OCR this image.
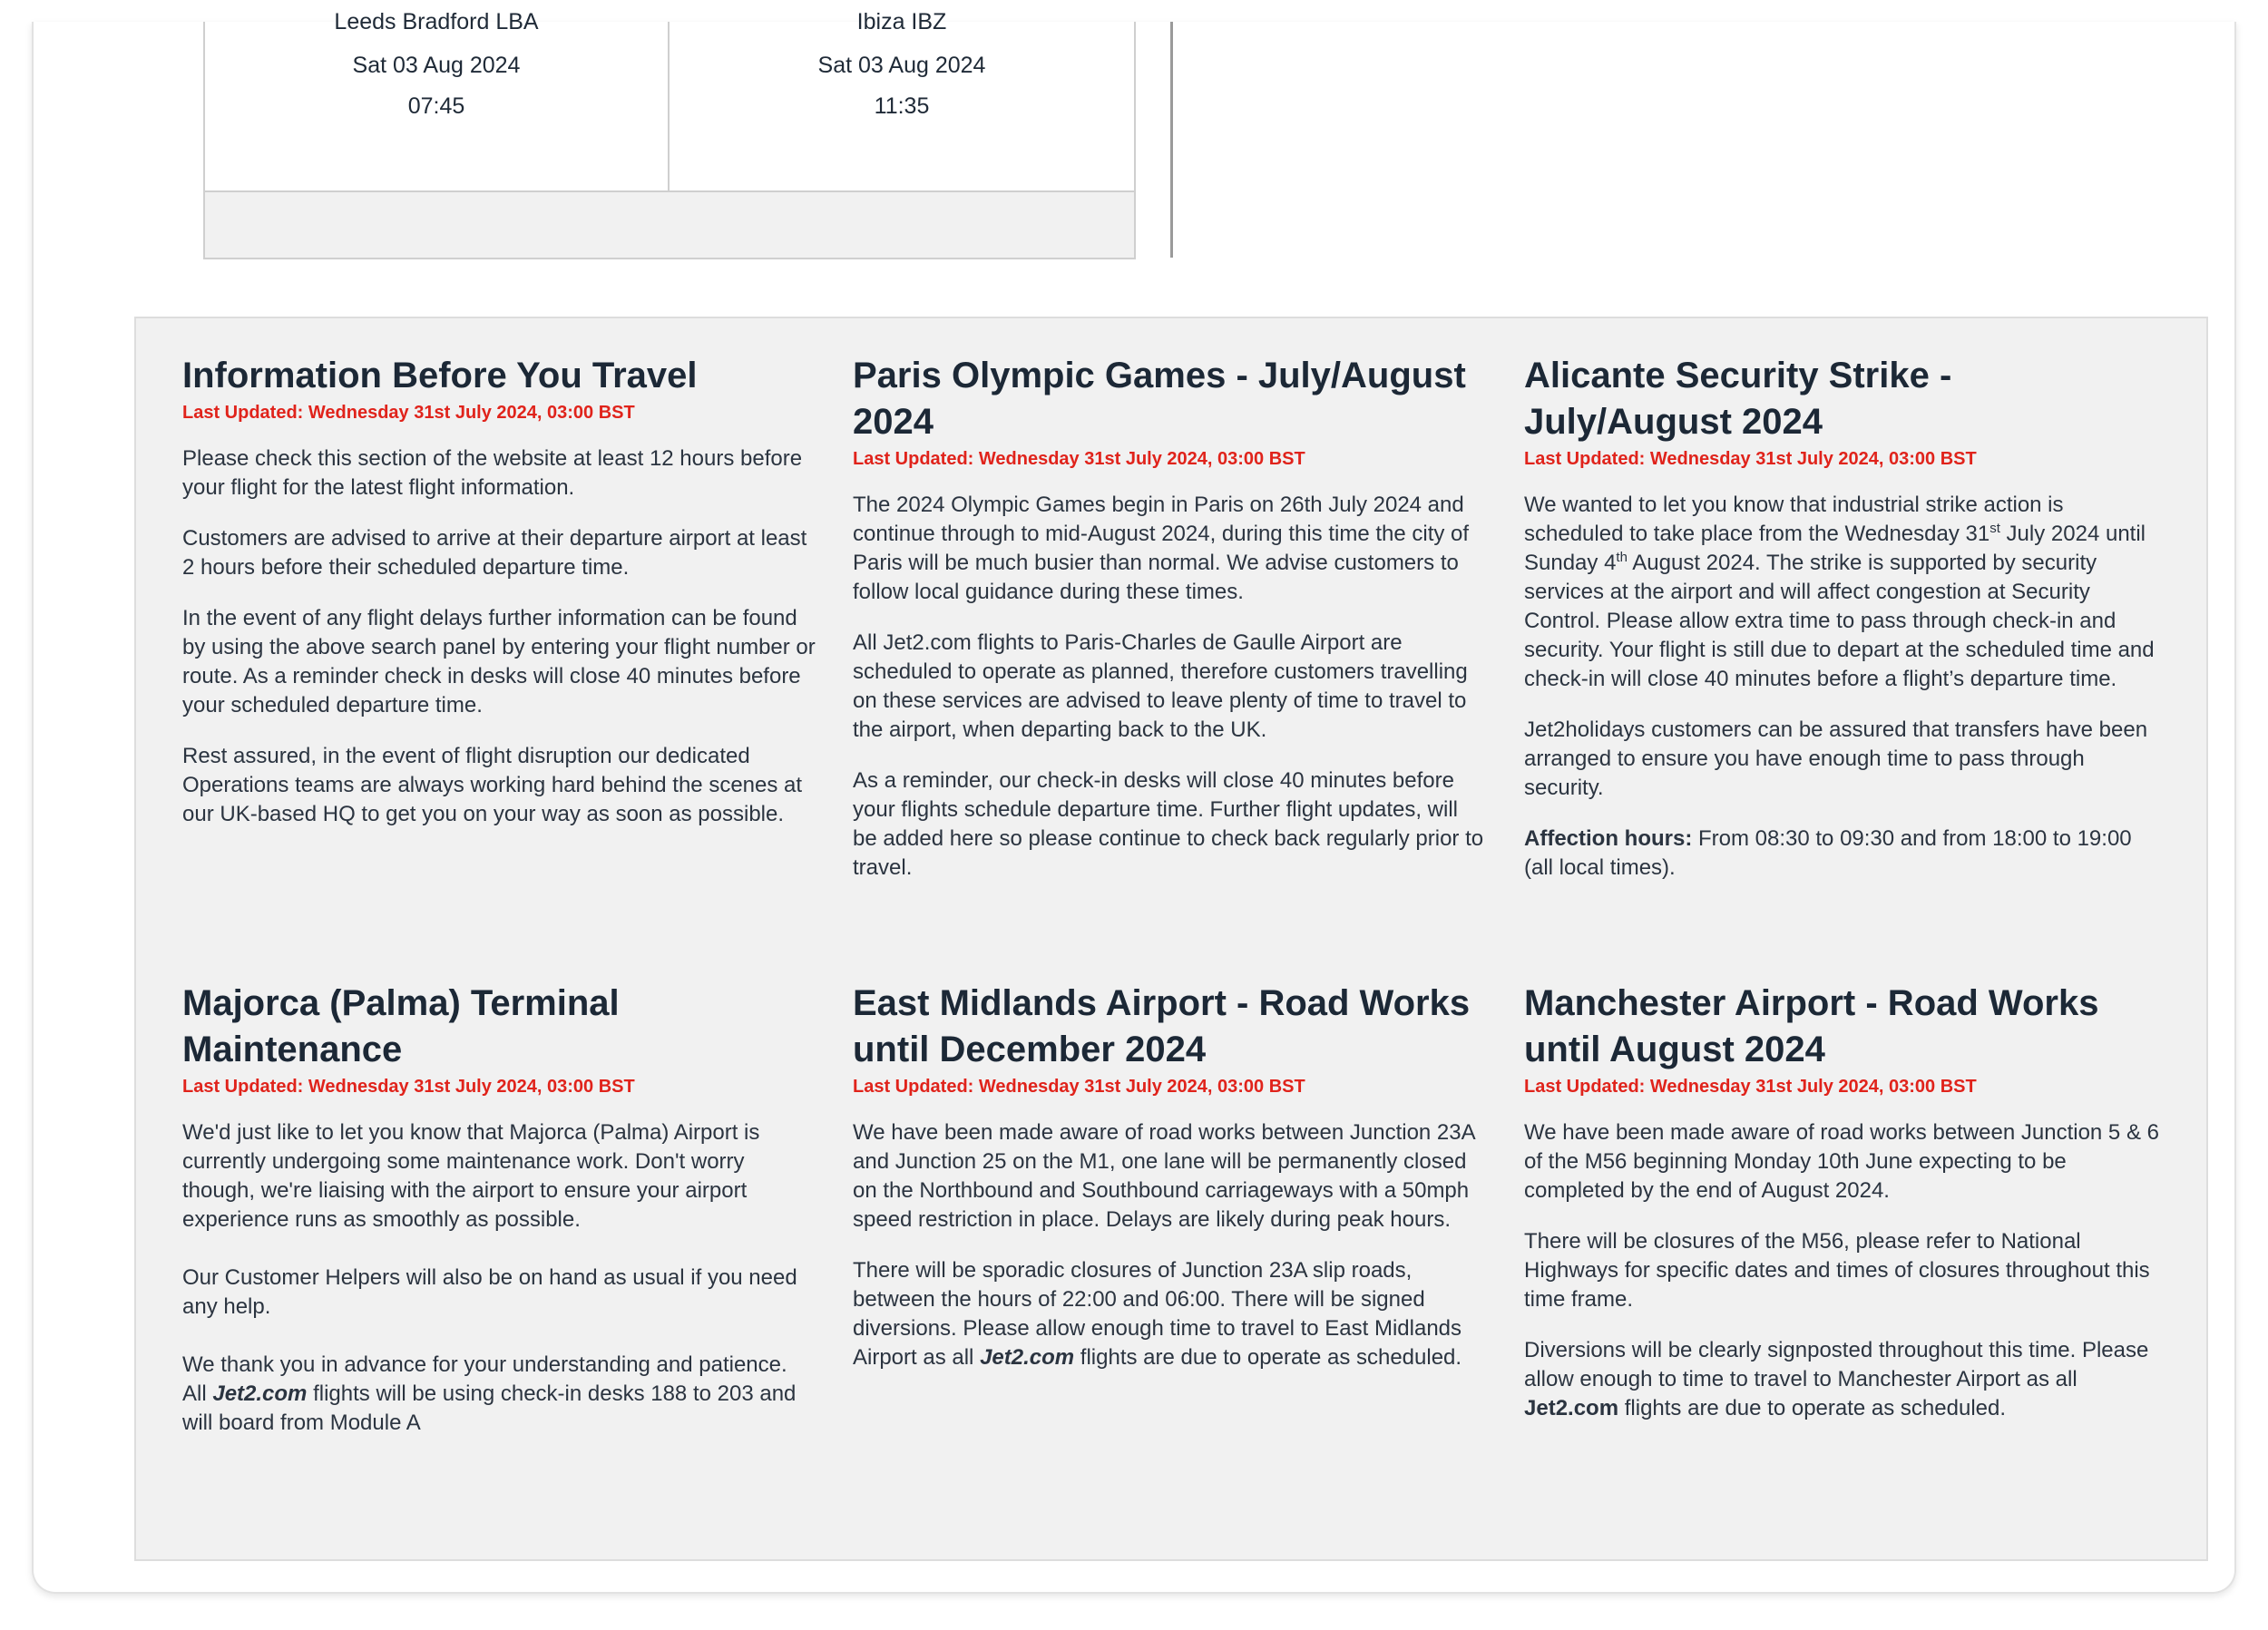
Leeds Bradford LBA
Sat 03 Aug 2024
07:45
Ibiza IBZ
Sat 03 Aug 2024
11:35
Information Before You Travel
Last Updated: Wednesday 31st July 2024, 03:00 BST

Please check this section of the website at least 12 hours before your flight for the latest flight information.

Customers are advised to arrive at their departure airport at least 2 hours before their scheduled departure time.

In the event of any flight delays further information can be found by using the above search panel by entering your flight number or route. As a reminder check in desks will close 40 minutes before your scheduled departure time.

Rest assured, in the event of flight disruption our dedicated Operations teams are always working hard behind the scenes at our UK-based HQ to get you on your way as soon as possible.

Paris Olympic Games - July/August 2024
Last Updated: Wednesday 31st July 2024, 03:00 BST

The 2024 Olympic Games begin in Paris on 26th July 2024 and continue through to mid-August 2024, during this time the city of Paris will be much busier than normal. We advise customers to follow local guidance during these times.

All Jet2.com flights to Paris-Charles de Gaulle Airport are scheduled to operate as planned, therefore customers travelling on these services are advised to leave plenty of time to travel to the airport, when departing back to the UK.

As a reminder, our check-in desks will close 40 minutes before your flights schedule departure time. Further flight updates, will be added here so please continue to check back regularly prior to travel.

Alicante Security Strike - July/August 2024
Last Updated: Wednesday 31st July 2024, 03:00 BST

We wanted to let you know that industrial strike action is scheduled to take place from the Wednesday 31st July 2024 until Sunday 4th August 2024. The strike is supported by security services at the airport and will affect congestion at Security Control. Please allow extra time to pass through check-in and security. Your flight is still due to depart at the scheduled time and check-in will close 40 minutes before a flight’s departure time.

Jet2holidays customers can be assured that transfers have been arranged to ensure you have enough time to pass through security.

Affection hours: From 08:30 to 09:30 and from 18:00 to 19:00 (all local times).

Majorca (Palma) Terminal Maintenance
Last Updated: Wednesday 31st July 2024, 03:00 BST

We'd just like to let you know that Majorca (Palma) Airport is currently undergoing some maintenance work. Don't worry though, we're liaising with the airport to ensure your airport experience runs as smoothly as possible.

Our Customer Helpers will also be on hand as usual if you need any help.

We thank you in advance for your understanding and patience.

All Jet2.com flights will be using check-in desks 188 to 203 and will board from Module A

East Midlands Airport - Road Works until December 2024
Last Updated: Wednesday 31st July 2024, 03:00 BST

We have been made aware of road works between Junction 23A and Junction 25 on the M1, one lane will be permanently closed on the Northbound and Southbound carriageways with a 50mph speed restriction in place. Delays are likely during peak hours.

There will be sporadic closures of Junction 23A slip roads, between the hours of 22:00 and 06:00. There will be signed diversions. Please allow enough time to travel to East Midlands Airport as all Jet2.com flights are due to operate as scheduled.

Manchester Airport - Road Works until August 2024
Last Updated: Wednesday 31st July 2024, 03:00 BST

We have been made aware of road works between Junction 5 & 6 of the M56 beginning Monday 10th June expecting to be completed by the end of August 2024.

There will be closures of the M56, please refer to National Highways for specific dates and times of closures throughout this time frame.

Diversions will be clearly signposted throughout this time. Please allow enough to time to travel to Manchester Airport as all Jet2.com flights are due to operate as scheduled.
